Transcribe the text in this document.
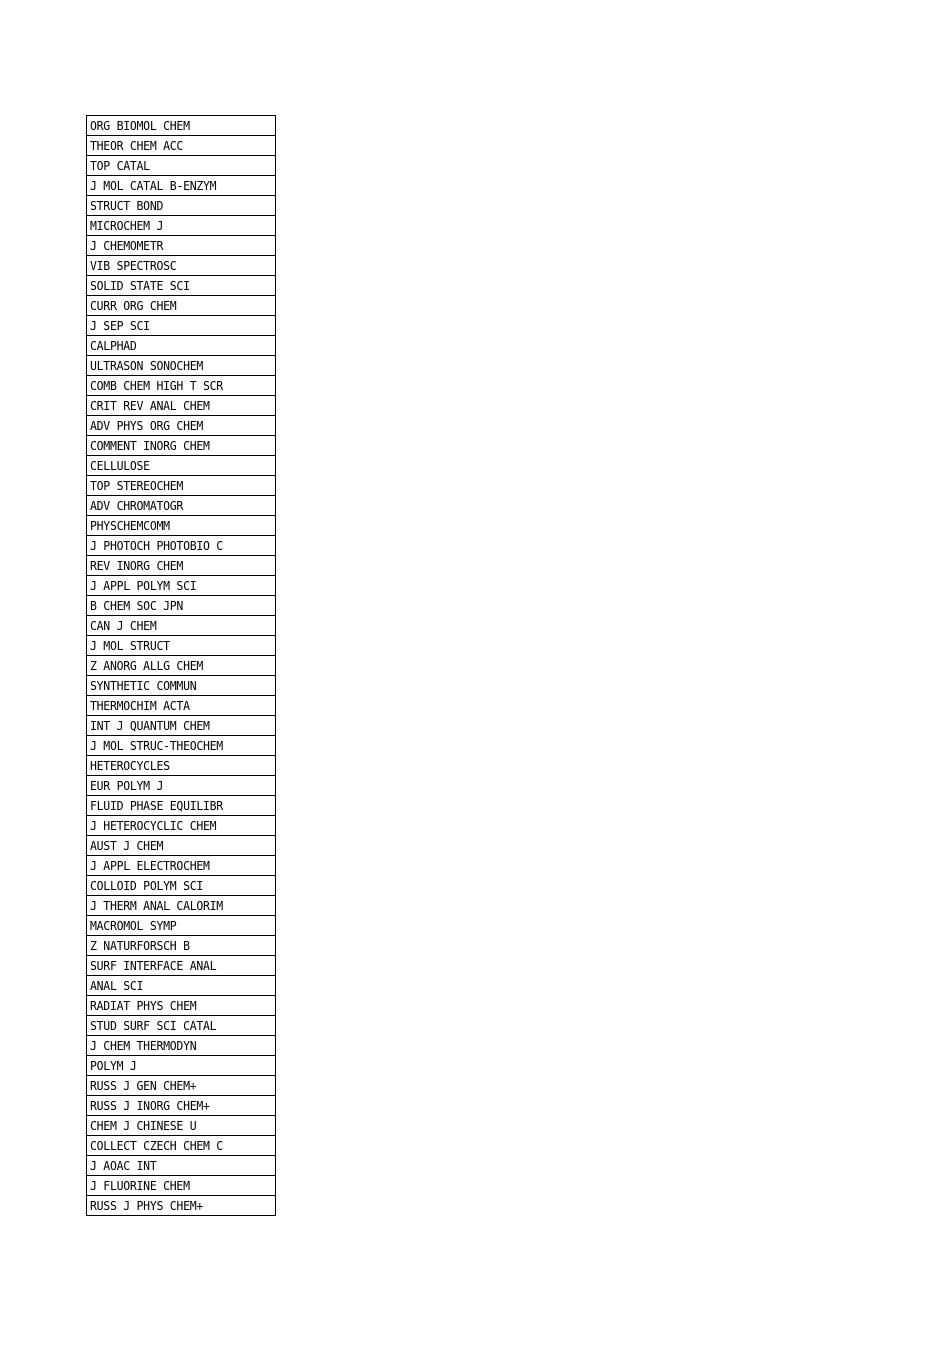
ORG BIOMOL CHEM
THEOR CHEM ACC
TOP CATAL
J MOL CATAL B-ENZYM
STRUCT BOND
MICROCHEM J
J CHEMOMETR
VIB SPECTROSC
SOLID STATE SCI
CURR ORG CHEM
J SEP SCI
CALPHAD
ULTRASON SONOCHEM
COMB CHEM HIGH T SCR
CRIT REV ANAL CHEM
ADV PHYS ORG CHEM
COMMENT INORG CHEM
CELLULOSE
TOP STEREOCHEM
ADV CHROMATOGR
PHYSCHEMCOMM
J PHOTOCH PHOTOBIO C
REV INORG CHEM
J APPL POLYM SCI
B CHEM SOC JPN
CAN J CHEM
J MOL STRUCT
Z ANORG ALLG CHEM
SYNTHETIC COMMUN
THERMOCHIM ACTA
INT J QUANTUM CHEM
J MOL STRUC-THEOCHEM
HETEROCYCLES
EUR POLYM J
FLUID PHASE EQUILIBR
J HETEROCYCLIC CHEM
AUST J CHEM
J APPL ELECTROCHEM
COLLOID POLYM SCI
J THERM ANAL CALORIM
MACROMOL SYMP
Z NATURFORSCH B
SURF INTERFACE ANAL
ANAL SCI
RADIAT PHYS CHEM
STUD SURF SCI CATAL
J CHEM THERMODYN
POLYM J
RUSS J GEN CHEM+
RUSS J INORG CHEM+
CHEM J CHINESE U
COLLECT CZECH CHEM C
J AOAC INT
J FLUORINE CHEM
RUSS J PHYS CHEM+
